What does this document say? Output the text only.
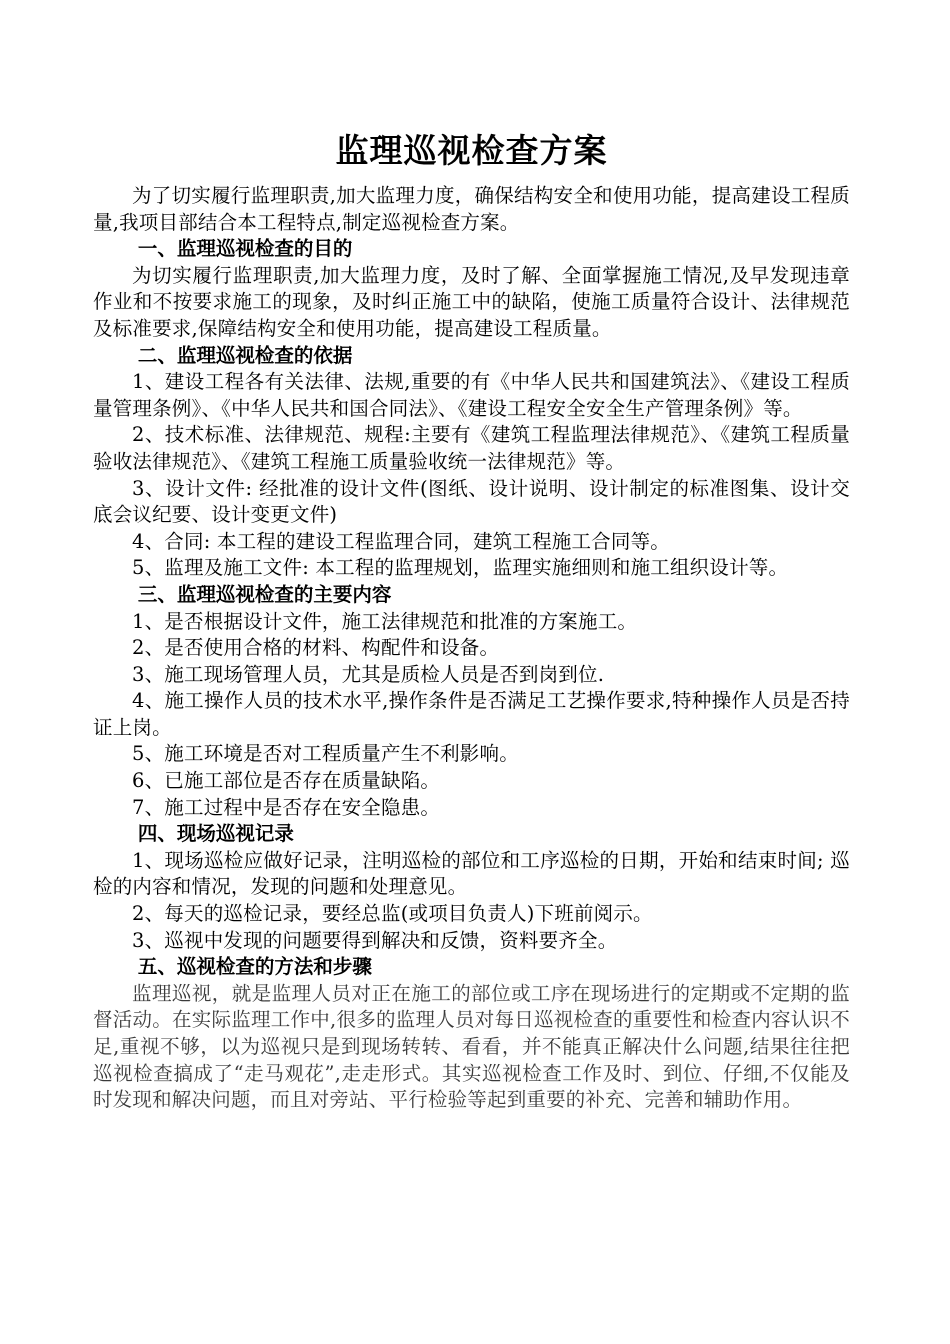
监理巡视检查方案

为了切实履行监理职责,加大监理力度，确保结构安全和使用功能，提高建设工程质量,我项目部结合本工程特点,制定巡视检查方案。

一、监理巡视检查的目的

为切实履行监理职责,加大监理力度，及时了解、全面掌握施工情况,及早发现违章作业和不按要求施工的现象，及时纠正施工中的缺陷，使施工质量符合设计、法律规范及标准要求,保障结构安全和使用功能，提高建设工程质量。

二、监理巡视检查的依据

1、建设工程各有关法律、法规,重要的有《中华人民共和国建筑法》、《建设工程质量管理条例》、《中华人民共和国合同法》、《建设工程安全安全生产管理条例》等。

2、技术标准、法律规范、规程:主要有《建筑工程监理法律规范》、《建筑工程质量验收法律规范》、《建筑工程施工质量验收统一法律规范》等。

3、设计文件: 经批准的设计文件(图纸、设计说明、设计制定的标准图集、设计交底会议纪要、设计变更文件)

4、合同: 本工程的建设工程监理合同，建筑工程施工合同等。

5、监理及施工文件: 本工程的监理规划，监理实施细则和施工组织设计等。

三、监理巡视检查的主要内容

1、是否根据设计文件，施工法律规范和批准的方案施工。

2、是否使用合格的材料、构配件和设备。

3、施工现场管理人员，尤其是质检人员是否到岗到位.

4、施工操作人员的技术水平,操作条件是否满足工艺操作要求,特种操作人员是否持证上岗。

5、施工环境是否对工程质量产生不利影响。

6、已施工部位是否存在质量缺陷。

7、施工过程中是否存在安全隐患。

四、现场巡视记录

1、现场巡检应做好记录，注明巡检的部位和工序巡检的日期，开始和结束时间; 巡检的内容和情况，发现的问题和处理意见。

2、每天的巡检记录，要经总监(或项目负责人)下班前阅示。

3、巡视中发现的问题要得到解决和反馈，资料要齐全。

五、巡视检查的方法和步骤

监理巡视，就是监理人员对正在施工的部位或工序在现场进行的定期或不定期的监督活动。在实际监理工作中,很多的监理人员对每日巡视检查的重要性和检查内容认识不足,重视不够，以为巡视只是到现场转转、看看，并不能真正解决什么问题,结果往往把巡视检查搞成了“走马观花”,走走形式。其实巡视检查工作及时、到位、仔细,不仅能及时发现和解决问题，而且对旁站、平行检验等起到重要的补充、完善和辅助作用。
